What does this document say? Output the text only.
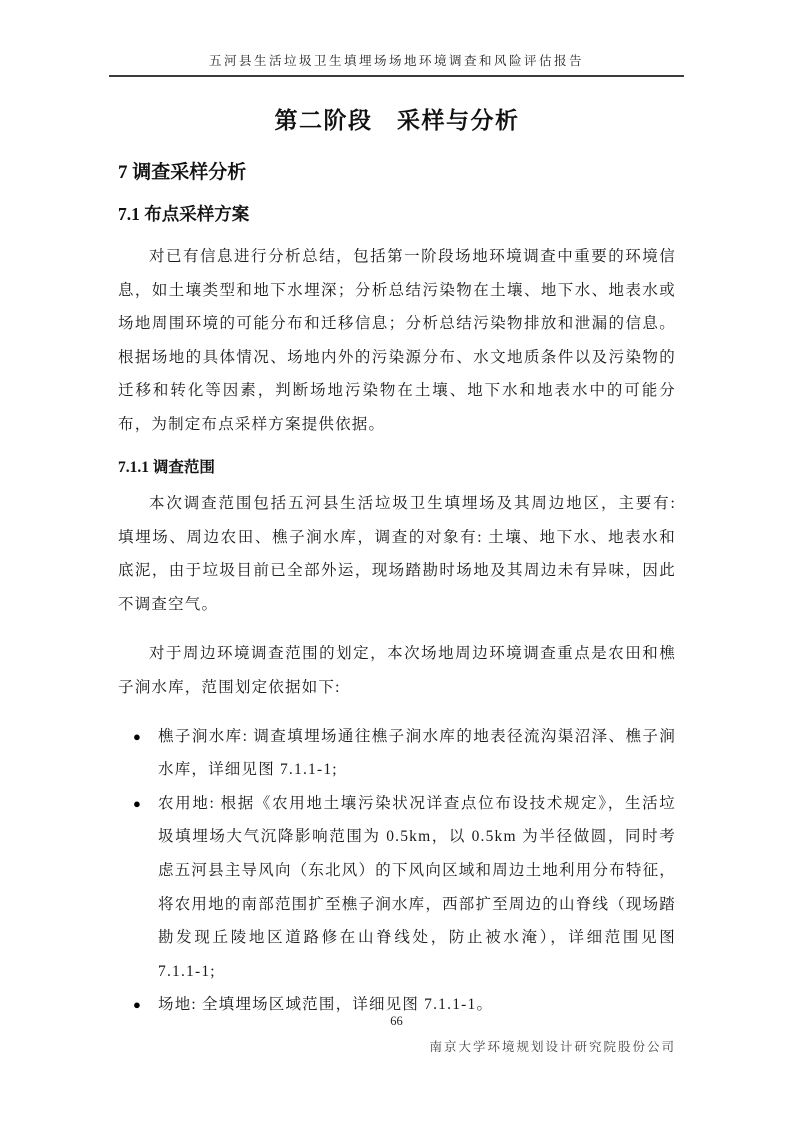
五河县生活垃圾卫生填埋场场地环境调查和风险评估报告
第二阶段　采样与分析
7 调查采样分析
7.1 布点采样方案

对已有信息进行分析总结，包括第一阶段场地环境调查中重要的环境信息，如土壤类型和地下水埋深；分析总结污染物在土壤、地下水、地表水或场地周围环境的可能分布和迁移信息；分析总结污染物排放和泄漏的信息。根据场地的具体情况、场地内外的污染源分布、水文地质条件以及污染物的迁移和转化等因素，判断场地污染物在土壤、地下水和地表水中的可能分布，为制定布点采样方案提供依据。

7.1.1 调查范围

本次调查范围包括五河县生活垃圾卫生填埋场及其周边地区，主要有: 填埋场、周边农田、樵子涧水库，调查的对象有: 土壤、地下水、地表水和底泥，由于垃圾目前已全部外运，现场踏勘时场地及其周边未有异味，因此不调查空气。

对于周边环境调查范围的划定，本次场地周边环境调查重点是农田和樵子涧水库，范围划定依据如下:

●	樵子涧水库: 调查填埋场通往樵子涧水库的地表径流沟渠沼泽、樵子涧水库，详细见图 7.1.1-1;
●	农用地: 根据《农用地土壤污染状况详查点位布设技术规定》，生活垃圾填埋场大气沉降影响范围为 0.5km，以 0.5km 为半径做圆，同时考虑五河县主导风向（东北风）的下风向区域和周边土地利用分布特征，将农用地的南部范围扩至樵子涧水库，西部扩至周边的山脊线（现场踏勘发现丘陵地区道路修在山脊线处，防止被水淹），详细范围见图 7.1.1-1;
●	场地: 全填埋场区域范围，详细见图 7.1.1-1。
66
南京大学环境规划设计研究院股份公司
